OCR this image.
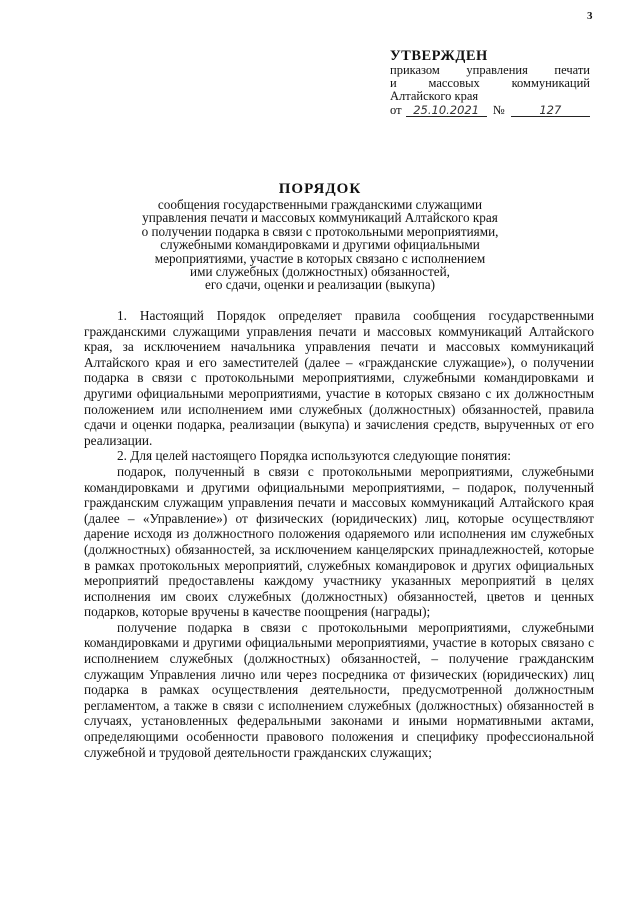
3
УТВЕРЖДЕН
приказом управления печати
и массовых коммуникаций
Алтайского края
от	25.10.2021	№	127
ПОРЯДОК
сообщения государственными гражданскими служащими
управления печати и массовых коммуникаций Алтайского края
о получении подарка в связи с протокольными мероприятиями,
служебными командировками и другими официальными
мероприятиями, участие в которых связано с исполнением
ими служебных (должностных) обязанностей,
его сдачи, оценки и реализации (выкупа)

1. Настоящий Порядок определяет правила сообщения государственными гражданскими служащими управления печати и массовых коммуникаций Алтайского края, за исключением начальника управления печати и массовых коммуникаций Алтайского края и его заместителей (далее – «гражданские служащие»), о получении подарка в связи с протокольными мероприятиями, служебными командировками и другими официальными мероприятиями, участие в которых связано с их должностным положением или исполнением ими служебных (должностных) обязанностей, правила сдачи и оценки подарка, реализации (выкупа) и зачисления средств, вырученных от его реализации.

2. Для целей настоящего Порядка используются следующие понятия:

подарок, полученный в связи с протокольными мероприятиями, служебными командировками и другими официальными мероприятиями, – подарок, полученный гражданским служащим управления печати и массовых коммуникаций Алтайского края (далее – «Управление») от физических (юридических) лиц, которые осуществляют дарение исходя из должностного положения одаряемого или исполнения им служебных (должностных) обязанностей, за исключением канцелярских принадлежностей, которые в рамках протокольных мероприятий, служебных командировок и других официальных мероприятий предоставлены каждому участнику указанных мероприятий в целях исполнения им своих служебных (должностных) обязанностей, цветов и ценных подарков, которые вручены в качестве поощрения (награды);

получение подарка в связи с протокольными мероприятиями, служебными командировками и другими официальными мероприятиями, участие в которых связано с исполнением служебных (должностных) обязанностей, – получение гражданским служащим Управления лично или через посредника от физических (юридических) лиц подарка в рамках осуществления деятельности, предусмотренной должностным регламентом, а также в связи с исполнением служебных (должностных) обязанностей в случаях, установленных федеральными законами и иными нормативными актами, определяющими особенности правового положения и специфику профессиональной служебной и трудовой деятельности гражданских служащих;
